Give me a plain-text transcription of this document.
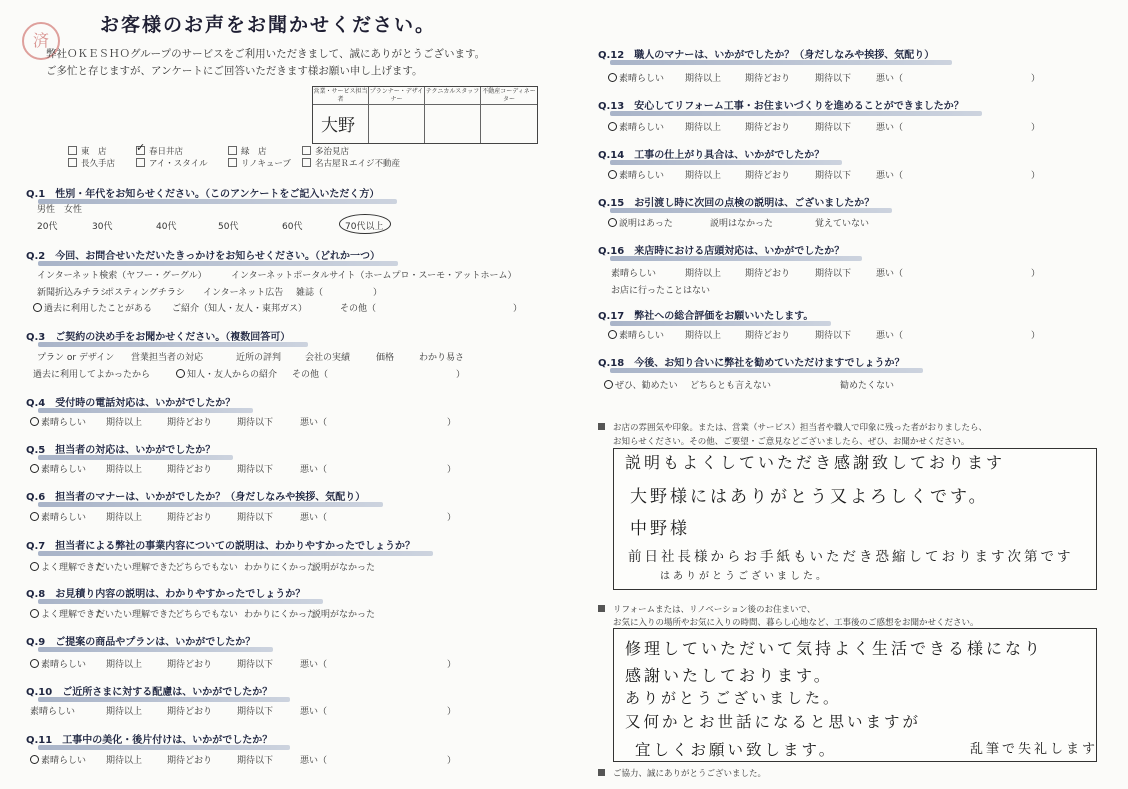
済
お客様のお声をお聞かせください。
弊社ＯＫＥＳＨＯグループのサービスをご利用いただきまして、誠にありがとうございます。
ご多忙と存じますが、アンケートにご回答いただきます様お願い申し上げます。
営業・サービス担当者
プランナー・デザイナー
テクニカルスタッフ 不動産コーディネーター
大野
東　店
✓	春日井店	緑　店	多治見店
長久手店	アイ・スタイル	リノキューブ	名古屋Ｒエイジ不動産
Q.1　性別・年代をお知らせください。（このアンケートをご記入いただく方）
男性 女性
20代	30代	40代	50代	60代	70代以上
Q.2　今回、お問合せいただいたきっかけをお知らせください。（どれか一つ）
インターネット検索（ヤフー・グーグル）	インターネットポータルサイト（ホームプロ・スーモ・アットホーム）
新聞折込みチラシ
ポスティングチラシ インターネット広告 雑誌（	）
過去に利用したことがある ご紹介（知人・友人・東邦ガス）	その他（	）
Q.3　ご契約の決め手をお聞かせください。（複数回答可）
プラン or デザイン 営業担当者の対応	近所の評判	会社の実績	価格	わかり易さ
過去に利用してよかったから	知人・友人からの紹介 その他（	）
Q.4　受付時の電話対応は、いかがでしたか？
素晴らしい 期待以上	期待どおり	期待以下	悪い（	）
Q.5　担当者の対応は、いかがでしたか？
素晴らしい 期待以上	期待どおり	期待以下	悪い（	）
Q.6　担当者のマナーは、いかがでしたか？（身だしなみや挨拶、気配り）
素晴らしい 期待以上	期待どおり	期待以下	悪い（	）
Q.7　担当者による弊社の事業内容についての説明は、わかりやすかったでしょうか？
よく理解できた
だいたい理解できた
どちらでもない わかりにくかった
説明がなかった
Q.8　お見積り内容の説明は、わかりやすかったでしょうか？
よく理解できた
だいたい理解できた
どちらでもない わかりにくかった
説明がなかった
Q.9　ご提案の商品やプランは、いかがでしたか？
素晴らしい 期待以上	期待どおり	期待以下	悪い（	）
Q.10　ご近所さまに対する配慮は、いかがでしたか？
素晴らしい	期待以上	期待どおり	期待以下	悪い（	）
Q.11　工事中の美化・後片付けは、いかがでしたか？
素晴らしい 期待以上	期待どおり	期待以下	悪い（	）
Q.12　職人のマナーは、いかがでしたか？（身だしなみや挨拶、気配り）
素晴らしい 期待以上	期待どおり	期待以下	悪い（	）
Q.13　安心してリフォーム工事・お住まいづくりを進めることができましたか？
素晴らしい 期待以上	期待どおり	期待以下	悪い（	）
Q.14　工事の仕上がり具合は、いかがでしたか？
素晴らしい 期待以上	期待どおり	期待以下	悪い（	）
Q.15　お引渡し時に次回の点検の説明は、ございましたか？
説明はあった	説明はなかった	覚えていない
Q.16　来店時における店頭対応は、いかがでしたか？
素晴らしい	期待以上	期待どおり	期待以下	悪い（	）
お店に行ったことはない
Q.17　弊社への総合評価をお願いいたします。
素晴らしい 期待以上	期待どおり	期待以下	悪い（	）
Q.18　今後、お知り合いに弊社を勧めていただけますでしょうか？
ぜひ、勧めたい どちらとも言えない	勧めたくない
お店の雰囲気や印象。または、営業（サービス）担当者や職人で印象に残った者がおりましたら、
お知らせください。その他、ご要望・ご意見などございましたら、ぜひ、お聞かせください。
リフォームまたは、リノベーション後のお住まいで、
お気に入りの場所やお気に入りの時間、暮らし心地など、工事後のご感想をお聞かせください。
説明もよくしていただき感謝致しております
大野様にはありがとう又よろしくです。
中野様
前日社長様からお手紙もいただき恐縮しております次第です
はありがとうございました。
修理していただいて気持よく生活できる様になり
感謝いたしております。
ありがとうございました。
又何かとお世話になると思いますが
宜しくお願い致します。	乱筆で失礼します
ご協力、誠にありがとうございました。
